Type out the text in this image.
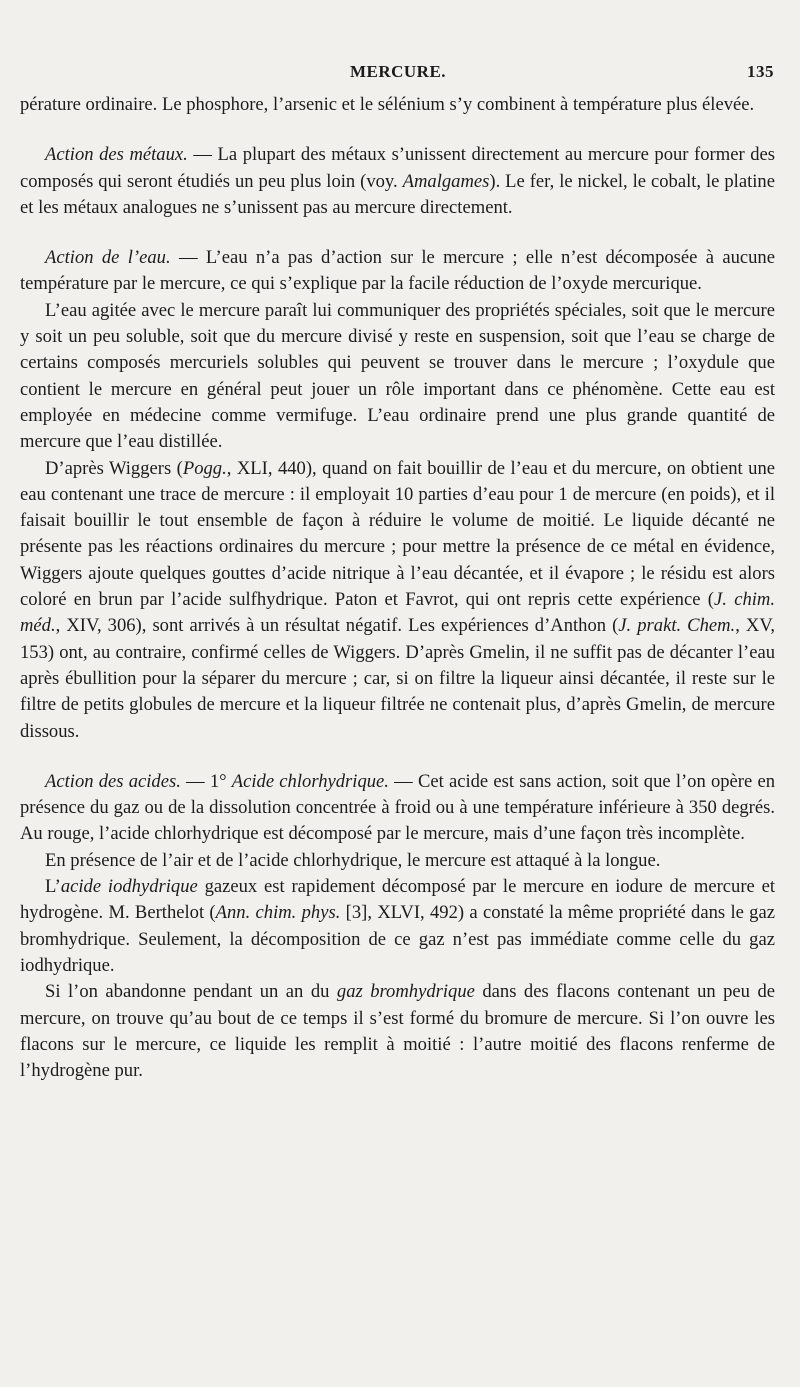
MERCURE.	135

pérature ordinaire. Le phosphore, l’arsenic et le sélénium s’y combinent à température plus élevée.

Action des métaux. — La plupart des métaux s’unissent directement au mercure pour former des composés qui seront étudiés un peu plus loin (voy. Amalgames). Le fer, le nickel, le cobalt, le platine et les métaux analogues ne s’unissent pas au mercure directement.

Action de l’eau. — L’eau n’a pas d’action sur le mercure ; elle n’est décomposée à aucune température par le mercure, ce qui s’explique par la facile réduction de l’oxyde mercurique.

L’eau agitée avec le mercure paraît lui communiquer des propriétés spéciales, soit que le mercure y soit un peu soluble, soit que du mercure divisé y reste en suspension, soit que l’eau se charge de certains composés mercuriels solubles qui peuvent se trouver dans le mercure ; l’oxydule que contient le mercure en général peut jouer un rôle important dans ce phénomène. Cette eau est employée en médecine comme vermifuge. L’eau ordinaire prend une plus grande quantité de mercure que l’eau distillée.

D’après Wiggers (Pogg., XLI, 440), quand on fait bouillir de l’eau et du mercure, on obtient une eau contenant une trace de mercure : il employait 10 parties d’eau pour 1 de mercure (en poids), et il faisait bouillir le tout ensemble de façon à réduire le volume de moitié. Le liquide décanté ne présente pas les réactions ordinaires du mercure ; pour mettre la présence de ce métal en évidence, Wiggers ajoute quelques gouttes d’acide nitrique à l’eau décantée, et il évapore ; le résidu est alors coloré en brun par l’acide sulfhydrique. Paton et Favrot, qui ont repris cette expérience (J. chim. méd., XIV, 306), sont arrivés à un résultat négatif. Les expériences d’Anthon (J. prakt. Chem., XV, 153) ont, au contraire, confirmé celles de Wiggers. D’après Gmelin, il ne suffit pas de décanter l’eau après ébullition pour la séparer du mercure ; car, si on filtre la liqueur ainsi décantée, il reste sur le filtre de petits globules de mercure et la liqueur filtrée ne contenait plus, d’après Gmelin, de mercure dissous.

Action des acides. — 1° Acide chlorhydrique. — Cet acide est sans action, soit que l’on opère en présence du gaz ou de la dissolution concentrée à froid ou à une température inférieure à 350 degrés. Au rouge, l’acide chlorhydrique est décomposé par le mercure, mais d’une façon très incomplète.

En présence de l’air et de l’acide chlorhydrique, le mercure est attaqué à la longue.

L’acide iodhydrique gazeux est rapidement décomposé par le mercure en iodure de mercure et hydrogène. M. Berthelot (Ann. chim. phys. [3], XLVI, 492) a constaté la même propriété dans le gaz bromhydrique. Seulement, la décomposition de ce gaz n’est pas immédiate comme celle du gaz iodhydrique.

Si l’on abandonne pendant un an du gaz bromhydrique dans des flacons contenant un peu de mercure, on trouve qu’au bout de ce temps il s’est formé du bromure de mercure. Si l’on ouvre les flacons sur le mercure, ce liquide les remplit à moitié : l’autre moitié des flacons renferme de l’hydrogène pur.
